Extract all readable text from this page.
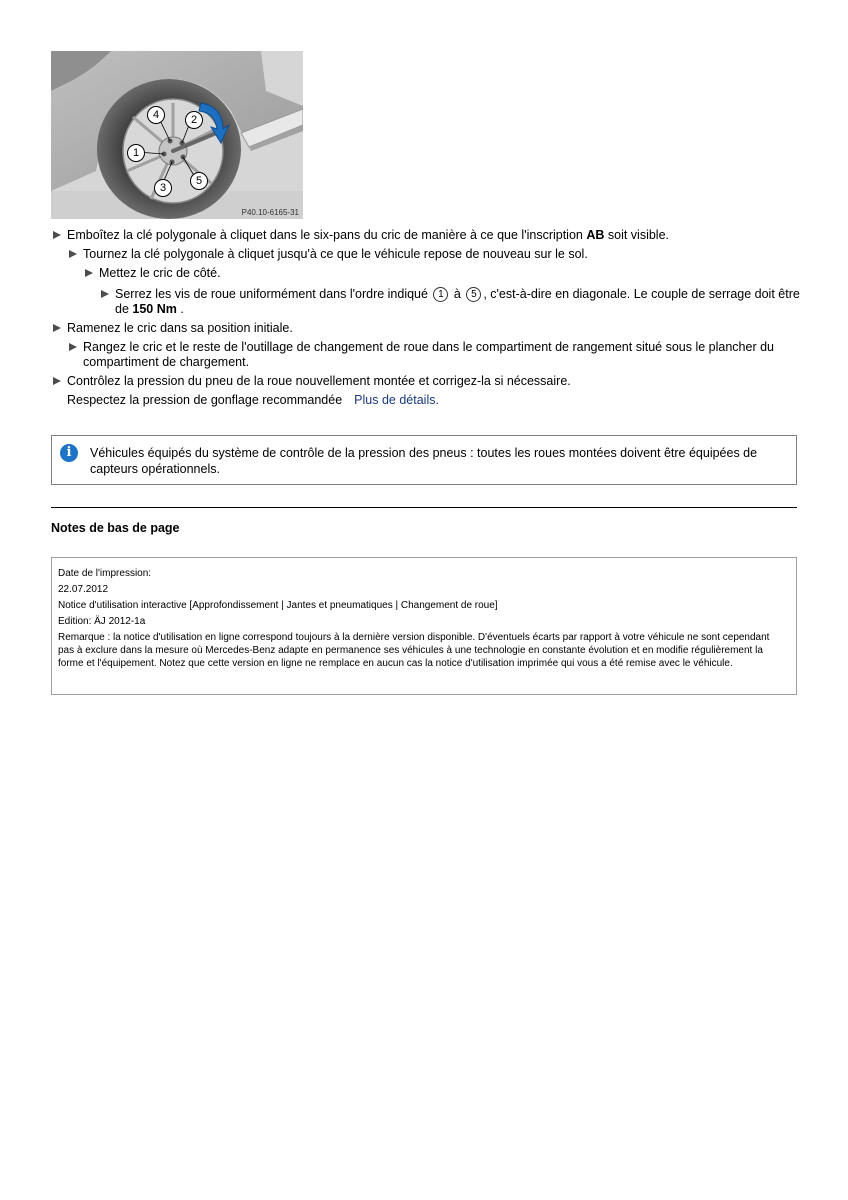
1
2
3
4
5
P40.10-6165-31
Emboîtez la clé polygonale à cliquet dans le six-pans du cric de manière à ce que l'inscription AB soit visible.
Tournez la clé polygonale à cliquet jusqu'à ce que le véhicule repose de nouveau sur le sol.
Mettez le cric de côté.
Serrez les vis de roue uniformément dans l'ordre indiqué 1 à 5 , c'est-à-dire en diagonale. Le couple de serrage doit être de 150 Nm .
Ramenez le cric dans sa position initiale.
Rangez le cric et le reste de l'outillage de changement de roue dans le compartiment de rangement situé sous le plancher du compartiment de chargement.
Contrôlez la pression du pneu de la roue nouvellement montée et corrigez-la si nécessaire.
Respectez la pression de gonflage recommandée Plus de détails.
i	Véhicules équipés du système de contrôle de la pression des pneus : toutes les roues montées doivent être équipées de capteurs opérationnels.
Notes de bas de page
Date de l'impression:
22.07.2012
Notice d'utilisation interactive [Approfondissement | Jantes et pneumatiques | Changement de roue]
Edition: ÄJ 2012-1a
Remarque : la notice d'utilisation en ligne correspond toujours à la dernière version disponible. D'éventuels écarts par rapport à votre véhicule ne sont cependant pas à exclure dans la mesure où Mercedes-Benz adapte en permanence ses véhicules à une technologie en constante évolution et en modifie régulièrement la forme et l'équipement. Notez que cette version en ligne ne remplace en aucun cas la notice d'utilisation imprimée qui vous a été remise avec le véhicule.
